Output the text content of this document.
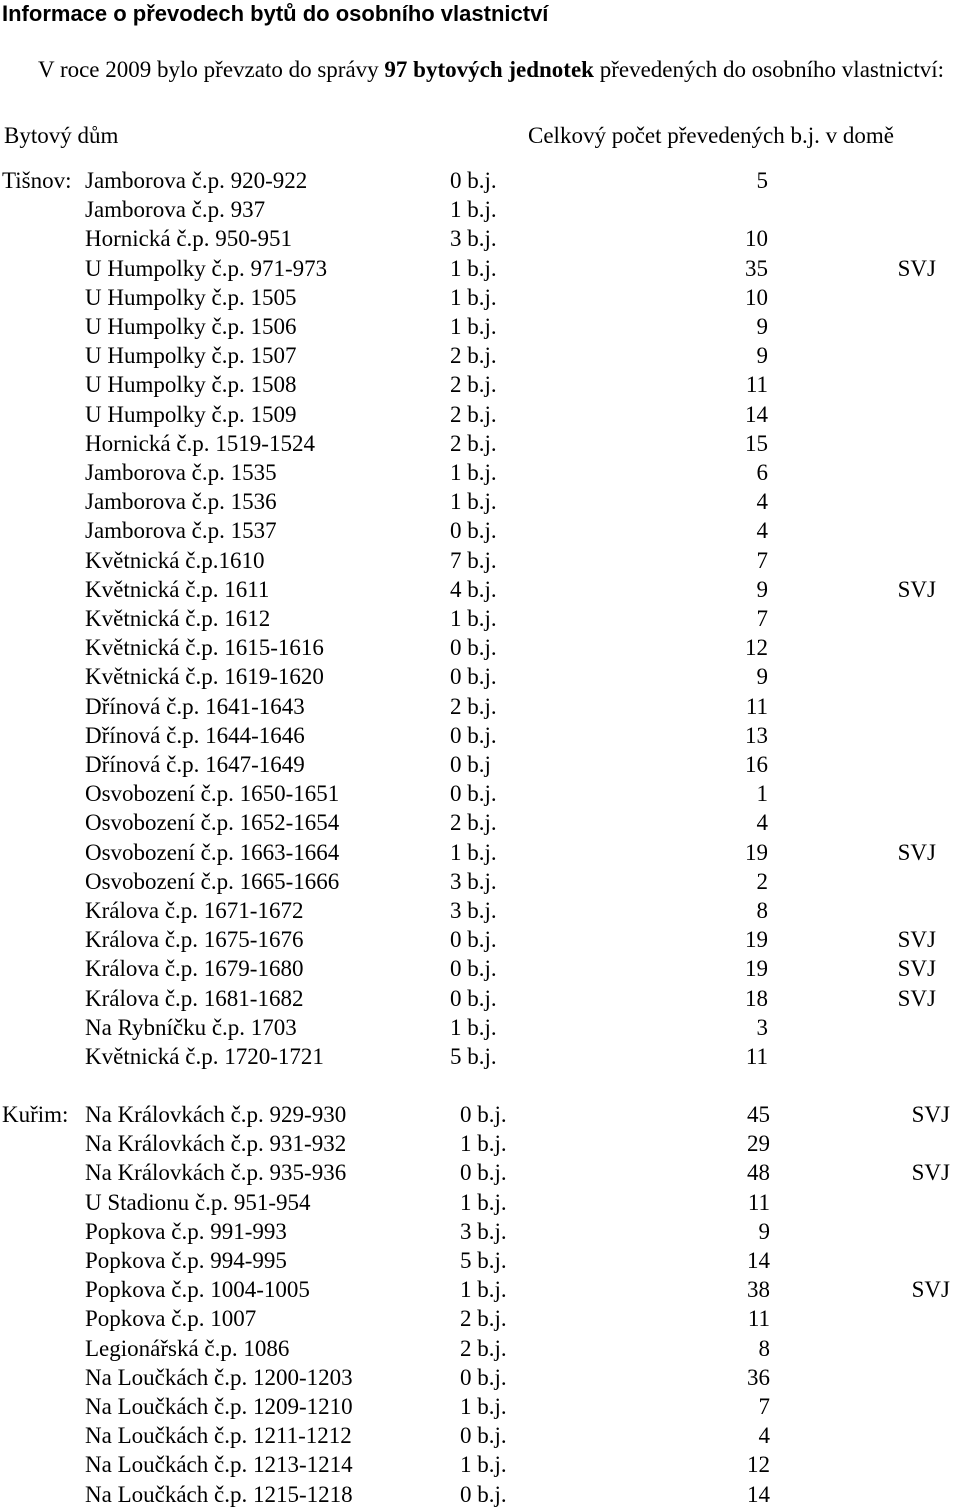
Informace o převodech bytů do osobního vlastnictví
V roce 2009 bylo převzato do správy 97 bytových jednotek převedených do osobního vlastnictví:
Bytový dům	Celkový počet převedených b.j. v domě
Tišnov: Jamborova č.p. 920-922	0 b.j.	5
Jamborova č.p. 937	1 b.j.
Hornická č.p. 950-951	3 b.j.	10
U Humpolky č.p. 971-973	1 b.j.	35	SVJ
U Humpolky č.p. 1505	1 b.j.	10
U Humpolky č.p. 1506	1 b.j.	9
U Humpolky č.p. 1507	2 b.j.	9
U Humpolky č.p. 1508	2 b.j.	11
U Humpolky č.p. 1509	2 b.j.	14
Hornická č.p. 1519-1524	2 b.j.	15
Jamborova č.p. 1535	1 b.j.	6
Jamborova č.p. 1536	1 b.j.	4
Jamborova č.p. 1537	0 b.j.	4
Květnická č.p.1610	7 b.j.	7
Květnická č.p. 1611	4 b.j.	9	SVJ
Květnická č.p. 1612	1 b.j.	7
Květnická č.p. 1615-1616	0 b.j.	12
Květnická č.p. 1619-1620	0 b.j.	9
Dřínová č.p. 1641-1643	2 b.j.	11
Dřínová č.p. 1644-1646	0 b.j.	13
Dřínová č.p. 1647-1649	0 b.j	16
Osvobození č.p. 1650-1651	0 b.j.	1
Osvobození č.p. 1652-1654	2 b.j.	4
Osvobození č.p. 1663-1664	1 b.j.	19	SVJ
Osvobození č.p. 1665-1666	3 b.j.	2
Králova č.p. 1671-1672	3 b.j.	8
Králova č.p. 1675-1676	0 b.j.	19	SVJ
Králova č.p. 1679-1680	0 b.j.	19	SVJ
Králova č.p. 1681-1682	0 b.j.	18	SVJ
Na Rybníčku č.p. 1703	1 b.j.	3
Květnická č.p. 1720-1721	5 b.j.	11
Kuřim: Na Královkách č.p. 929-930	0 b.j.	45	SVJ
Na Královkách č.p. 931-932	1 b.j.	29
Na Královkách č.p. 935-936	0 b.j.	48	SVJ
U Stadionu č.p. 951-954	1 b.j.	11
Popkova č.p. 991-993	3 b.j.	9
Popkova č.p. 994-995	5 b.j.	14
Popkova č.p. 1004-1005	1 b.j.	38	SVJ
Popkova č.p. 1007	2 b.j.	11
Legionářská č.p. 1086	2 b.j.	8
Na Loučkách č.p. 1200-1203	0 b.j.	36
Na Loučkách č.p. 1209-1210	1 b.j.	7
Na Loučkách č.p. 1211-1212	0 b.j.	4
Na Loučkách č.p. 1213-1214	1 b.j.	12
Na Loučkách č.p. 1215-1218	0 b.j.	14
